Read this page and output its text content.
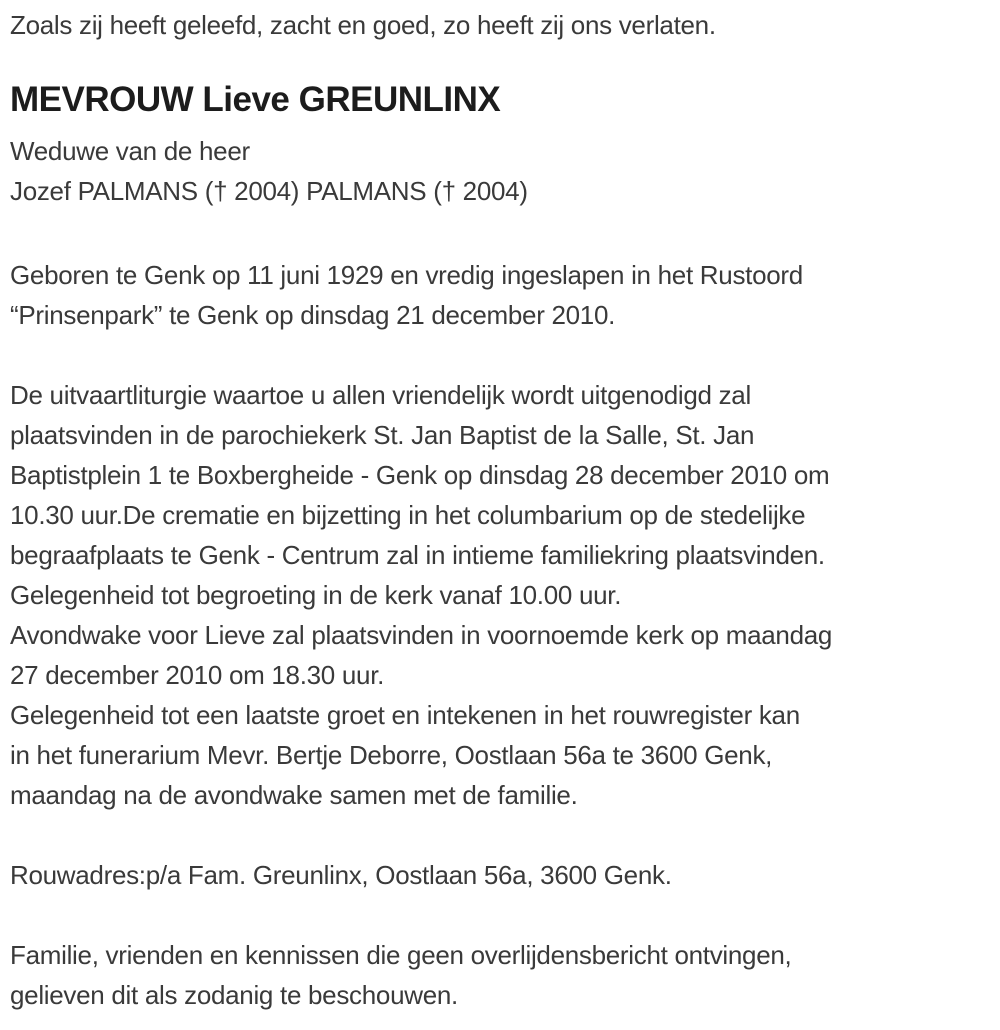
Zoals zij heeft geleefd, zacht en goed, zo heeft zij ons verlaten.

MEVROUW Lieve GREUNLINX
Weduwe van de heer
Jozef PALMANS († 2004) PALMANS († 2004)
Geboren te Genk op 11 juni 1929 en vredig ingeslapen in het Rustoord
“Prinsenpark” te Genk op dinsdag 21 december 2010.
De uitvaartliturgie waartoe u allen vriendelijk wordt uitgenodigd zal
plaatsvinden in de parochiekerk St. Jan Baptist de la Salle, St. Jan
Baptistplein 1 te Boxbergheide - Genk op dinsdag 28 december 2010 om
10.30 uur.De crematie en bijzetting in het columbarium op de stedelijke
begraafplaats te Genk - Centrum zal in intieme familiekring plaatsvinden.
Gelegenheid tot begroeting in de kerk vanaf 10.00 uur.
Avondwake voor Lieve zal plaatsvinden in voornoemde kerk op maandag
27 december 2010 om 18.30 uur.
Gelegenheid tot een laatste groet en intekenen in het rouwregister kan
in het funerarium Mevr. Bertje Deborre, Oostlaan 56a te 3600 Genk,
maandag na de avondwake samen met de familie.
Rouwadres:p/a Fam. Greunlinx, Oostlaan 56a, 3600 Genk.
Familie, vrienden en kennissen die geen overlijdensbericht ontvingen,
gelieven dit als zodanig te beschouwen.
